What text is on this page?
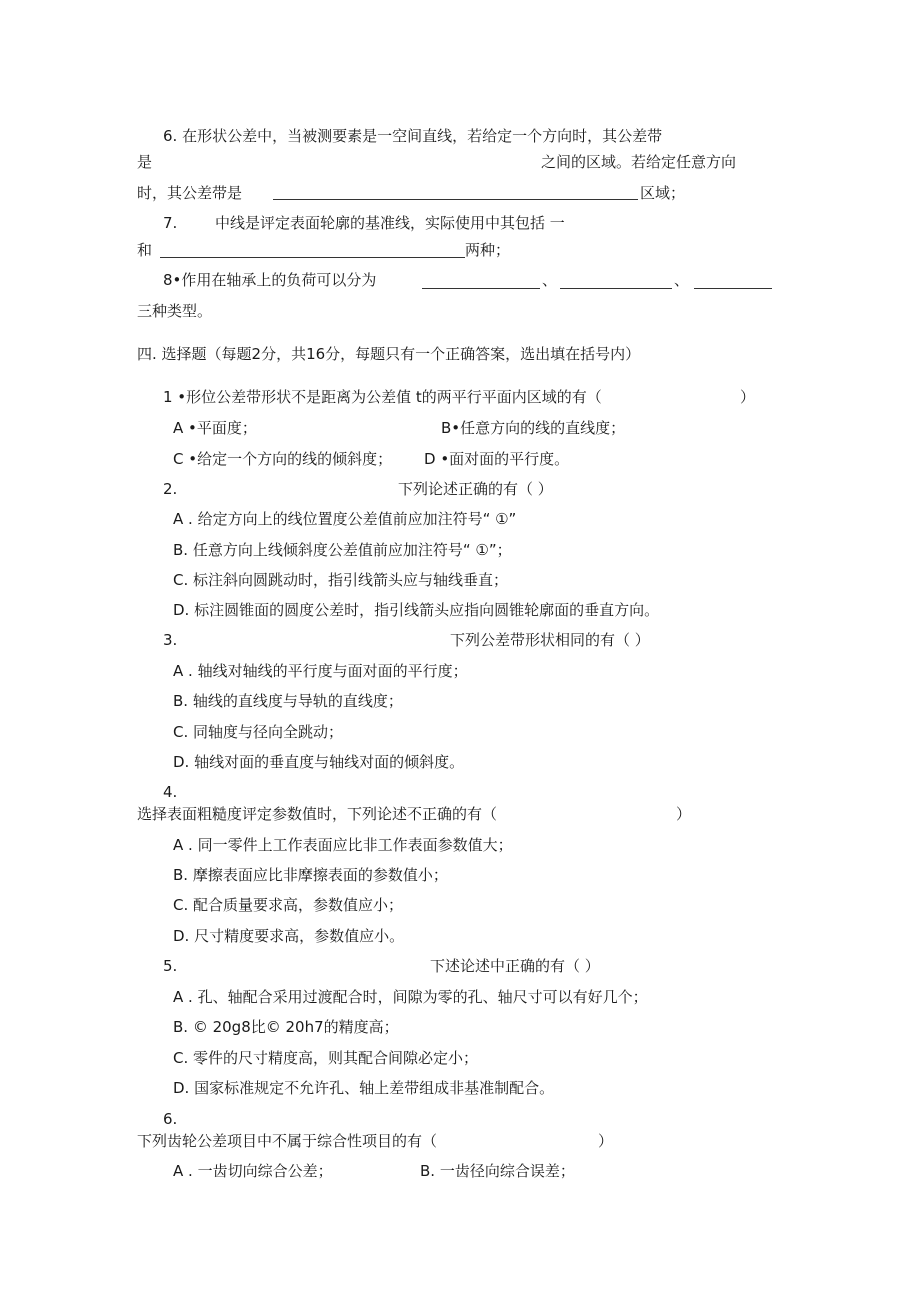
6. 在形状公差中，当被测要素是一空间直线，若给定一个方向时，其公差带
是	之间的区域。若给定任意方向
时，其公差带是	区域；
7.	中线是评定表面轮廓的基准线，实际使用中其包括 一
和	两种；
8•作用在轴承上的负荷可以分为	、	、
三种类型。
四. 选择题（每题2分，共16分，每题只有一个正确答案，选出填在括号内）
1 •形位公差带形状不是距离为公差值 t的两平行平面内区域的有（	）
A •平面度；	B•任意方向的线的直线度；
C •给定一个方向的线的倾斜度； D •面对面的平行度。
2.	下列论述正确的有（ ）
A . 给定方向上的线位置度公差值前应加注符号“ ①”
B. 任意方向上线倾斜度公差值前应加注符号“ ①”；
C. 标注斜向圆跳动时，指引线箭头应与轴线垂直；
D. 标注圆锥面的圆度公差时，指引线箭头应指向圆锥轮廓面的垂直方向。
3.	下列公差带形状相同的有（ ）
A . 轴线对轴线的平行度与面对面的平行度；
B. 轴线的直线度与导轨的直线度；
C. 同轴度与径向全跳动；
D. 轴线对面的垂直度与轴线对面的倾斜度。
4.
选择表面粗糙度评定参数值时，下列论述不正确的有（	）
A . 同一零件上工作表面应比非工作表面参数值大；
B. 摩擦表面应比非摩擦表面的参数值小；
C. 配合质量要求高，参数值应小；
D. 尺寸精度要求高，参数值应小。
5.	下述论述中正确的有（ ）
A . 孔、轴配合采用过渡配合时，间隙为零的孔、轴尺寸可以有好几个；
B. © 20g8比© 20h7的精度高；
C. 零件的尺寸精度高，则其配合间隙必定小；
D. 国家标准规定不允许孔、轴上差带组成非基准制配合。
6.
下列齿轮公差项目中不属于综合性项目的有（	）
A . 一齿切向综合公差；	B. 一齿径向综合误差；
